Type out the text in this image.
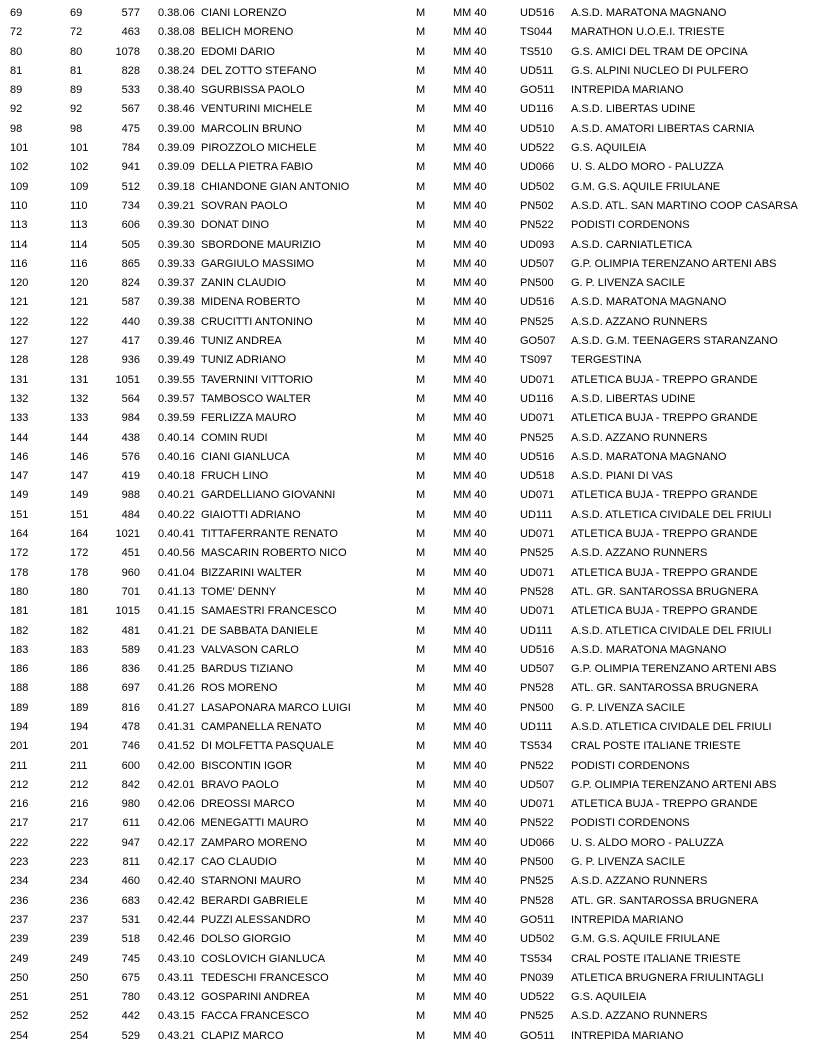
69	69	577 0.38.06 CIANI LORENZO	M	MM 40	UD516 A.S.D. MARATONA MAGNANO
72	72	463 0.38.08 BELICH MORENO	M	MM 40	TS044 MARATHON U.O.E.I. TRIESTE
80	80	1078 0.38.20 EDOMI DARIO	M	MM 40	TS510 G.S. AMICI DEL TRAM DE OPCINA
81	81	828 0.38.24 DEL ZOTTO STEFANO	M	MM 40	UD511 G.S. ALPINI NUCLEO DI PULFERO
89	89	533 0.38.40 SGURBISSA PAOLO	M	MM 40	GO511 INTREPIDA MARIANO
92	92	567 0.38.46 VENTURINI MICHELE	M	MM 40	UD116 A.S.D. LIBERTAS UDINE
98	98	475 0.39.00 MARCOLIN BRUNO	M	MM 40	UD510 A.S.D. AMATORI LIBERTAS CARNIA
101	101	784 0.39.09 PIROZZOLO MICHELE	M	MM 40	UD522 G.S. AQUILEIA
102	102	941 0.39.09 DELLA PIETRA FABIO	M	MM 40	UD066 U. S. ALDO MORO - PALUZZA
109	109	512 0.39.18 CHIANDONE GIAN ANTONIO	M	MM 40	UD502 G.M. G.S. AQUILE FRIULANE
110	110	734 0.39.21 SOVRAN PAOLO	M	MM 40	PN502 A.S.D. ATL. SAN MARTINO COOP CASARSA
113	113	606 0.39.30 DONAT DINO	M	MM 40	PN522 PODISTI CORDENONS
114	114	505 0.39.30 SBORDONE MAURIZIO	M	MM 40	UD093 A.S.D. CARNIATLETICA
116	116	865 0.39.33 GARGIULO MASSIMO	M	MM 40	UD507 G.P. OLIMPIA TERENZANO ARTENI ABS
120	120	824 0.39.37 ZANIN CLAUDIO	M	MM 40	PN500 G. P. LIVENZA SACILE
121	121	587 0.39.38 MIDENA ROBERTO	M	MM 40	UD516 A.S.D. MARATONA MAGNANO
122	122	440 0.39.38 CRUCITTI ANTONINO	M	MM 40	PN525 A.S.D. AZZANO RUNNERS
127	127	417 0.39.46 TUNIZ ANDREA	M	MM 40	GO507 A.S.D. G.M. TEENAGERS STARANZANO
128	128	936 0.39.49 TUNIZ ADRIANO	M	MM 40	TS097 TERGESTINA
131	131	1051 0.39.55 TAVERNINI VITTORIO	M	MM 40	UD071 ATLETICA BUJA - TREPPO GRANDE
132	132	564 0.39.57 TAMBOSCO WALTER	M	MM 40	UD116 A.S.D. LIBERTAS UDINE
133	133	984 0.39.59 FERLIZZA MAURO	M	MM 40	UD071 ATLETICA BUJA - TREPPO GRANDE
144	144	438 0.40.14 COMIN RUDI	M	MM 40	PN525 A.S.D. AZZANO RUNNERS
146	146	576 0.40.16 CIANI GIANLUCA	M	MM 40	UD516 A.S.D. MARATONA MAGNANO
147	147	419 0.40.18 FRUCH LINO	M	MM 40	UD518 A.S.D. PIANI DI VAS
149	149	988 0.40.21 GARDELLIANO GIOVANNI	M	MM 40	UD071 ATLETICA BUJA - TREPPO GRANDE
151	151	484 0.40.22 GIAIOTTI ADRIANO	M	MM 40	UD111 A.S.D. ATLETICA CIVIDALE DEL FRIULI
164	164	1021 0.40.41 TITTAFERRANTE RENATO	M	MM 40	UD071 ATLETICA BUJA - TREPPO GRANDE
172	172	451 0.40.56 MASCARIN ROBERTO NICO	M	MM 40	PN525 A.S.D. AZZANO RUNNERS
178	178	960 0.41.04 BIZZARINI WALTER	M	MM 40	UD071 ATLETICA BUJA - TREPPO GRANDE
180	180	701 0.41.13 TOME' DENNY	M	MM 40	PN528 ATL. GR. SANTAROSSA BRUGNERA
181	181	1015 0.41.15 SAMAESTRI FRANCESCO	M	MM 40	UD071 ATLETICA BUJA - TREPPO GRANDE
182	182	481 0.41.21 DE SABBATA DANIELE	M	MM 40	UD111 A.S.D. ATLETICA CIVIDALE DEL FRIULI
183	183	589 0.41.23 VALVASON CARLO	M	MM 40	UD516 A.S.D. MARATONA MAGNANO
186	186	836 0.41.25 BARDUS TIZIANO	M	MM 40	UD507 G.P. OLIMPIA TERENZANO ARTENI ABS
188	188	697 0.41.26 ROS MORENO	M	MM 40	PN528 ATL. GR. SANTAROSSA BRUGNERA
189	189	816 0.41.27 LASAPONARA MARCO LUIGI	M	MM 40	PN500 G. P. LIVENZA SACILE
194	194	478 0.41.31 CAMPANELLA RENATO	M	MM 40	UD111 A.S.D. ATLETICA CIVIDALE DEL FRIULI
201	201	746 0.41.52 DI MOLFETTA PASQUALE	M	MM 40	TS534 CRAL POSTE ITALIANE TRIESTE
211	211	600 0.42.00 BISCONTIN IGOR	M	MM 40	PN522 PODISTI CORDENONS
212	212	842 0.42.01 BRAVO PAOLO	M	MM 40	UD507 G.P. OLIMPIA TERENZANO ARTENI ABS
216	216	980 0.42.06 DREOSSI MARCO	M	MM 40	UD071 ATLETICA BUJA - TREPPO GRANDE
217	217	611 0.42.06 MENEGATTI MAURO	M	MM 40	PN522 PODISTI CORDENONS
222	222	947 0.42.17 ZAMPARO MORENO	M	MM 40	UD066 U. S. ALDO MORO - PALUZZA
223	223	811 0.42.17 CAO CLAUDIO	M	MM 40	PN500 G. P. LIVENZA SACILE
234	234	460 0.42.40 STARNONI MAURO	M	MM 40	PN525 A.S.D. AZZANO RUNNERS
236	236	683 0.42.42 BERARDI GABRIELE	M	MM 40	PN528 ATL. GR. SANTAROSSA BRUGNERA
237	237	531 0.42.44 PUZZI ALESSANDRO	M	MM 40	GO511 INTREPIDA MARIANO
239	239	518 0.42.46 DOLSO GIORGIO	M	MM 40	UD502 G.M. G.S. AQUILE FRIULANE
249	249	745 0.43.10 COSLOVICH GIANLUCA	M	MM 40	TS534 CRAL POSTE ITALIANE TRIESTE
250	250	675 0.43.11 TEDESCHI FRANCESCO	M	MM 40	PN039 ATLETICA BRUGNERA FRIULINTAGLI
251	251	780 0.43.12 GOSPARINI ANDREA	M	MM 40	UD522 G.S. AQUILEIA
252	252	442 0.43.15 FACCA FRANCESCO	M	MM 40	PN525 A.S.D. AZZANO RUNNERS
254	254	529 0.43.21 CLAPIZ MARCO	M	MM 40	GO511 INTREPIDA MARIANO
